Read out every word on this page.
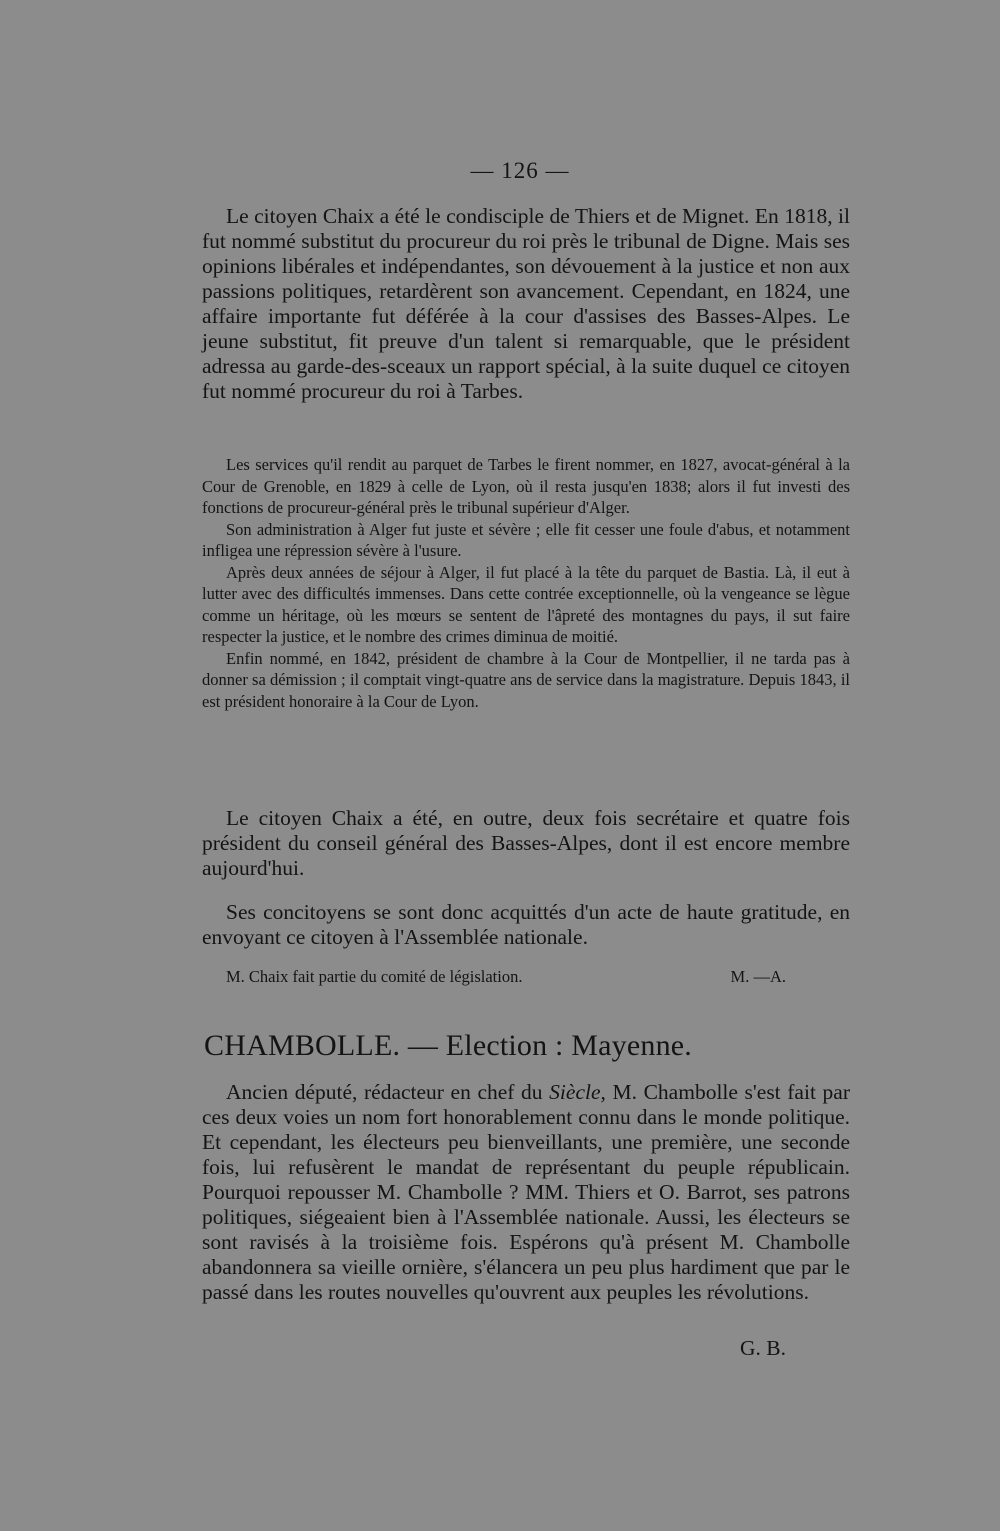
— 126 —

Le citoyen Chaix a été le condisciple de Thiers et de Mignet. En 1818, il fut nommé substitut du procureur du roi près le tribunal de Digne. Mais ses opinions libérales et indépendantes, son dévouement à la justice et non aux passions politiques, retardèrent son avancement. Cependant, en 1824, une affaire importante fut déférée à la cour d'assises des Basses-Alpes. Le jeune substitut, fit preuve d'un talent si remarquable, que le président adressa au garde-des-sceaux un rapport spécial, à la suite duquel ce citoyen fut nommé procureur du roi à Tarbes.

Les services qu'il rendit au parquet de Tarbes le firent nommer, en 1827, avocat-général à la Cour de Grenoble, en 1829 à celle de Lyon, où il resta jusqu'en 1838; alors il fut investi des fonctions de procureur-général près le tribunal supérieur d'Alger.

Son administration à Alger fut juste et sévère ; elle fit cesser une foule d'abus, et notamment infligea une répression sévère à l'usure.

Après deux années de séjour à Alger, il fut placé à la tête du parquet de Bastia. Là, il eut à lutter avec des difficultés immenses. Dans cette contrée exceptionnelle, où la vengeance se lègue comme un héritage, où les mœurs se sentent de l'âpreté des montagnes du pays, il sut faire respecter la justice, et le nombre des crimes diminua de moitié.

Enfin nommé, en 1842, président de chambre à la Cour de Montpellier, il ne tarda pas à donner sa démission ; il comptait vingt-quatre ans de service dans la magistrature. Depuis 1843, il est président honoraire à la Cour de Lyon.

Le citoyen Chaix a été, en outre, deux fois secrétaire et quatre fois président du conseil général des Basses-Alpes, dont il est encore membre aujourd'hui.

Ses concitoyens se sont donc acquittés d'un acte de haute gratitude, en envoyant ce citoyen à l'Assemblée nationale.

M. Chaix fait partie du comité de législation.	M. —A.
CHAMBOLLE. — Election : Mayenne.

Ancien député, rédacteur en chef du Siècle, M. Chambolle s'est fait par ces deux voies un nom fort honorablement connu dans le monde politique. Et cependant, les électeurs peu bienveillants, une première, une seconde fois, lui refusèrent le mandat de représentant du peuple républicain. Pourquoi repousser M. Chambolle ? MM. Thiers et O. Barrot, ses patrons politiques, siégeaient bien à l'Assemblée nationale. Aussi, les électeurs se sont ravisés à la troisième fois. Espérons qu'à présent M. Chambolle abandonnera sa vieille ornière, s'élancera un peu plus hardiment que par le passé dans les routes nouvelles qu'ouvrent aux peuples les révolutions.

G. B.
